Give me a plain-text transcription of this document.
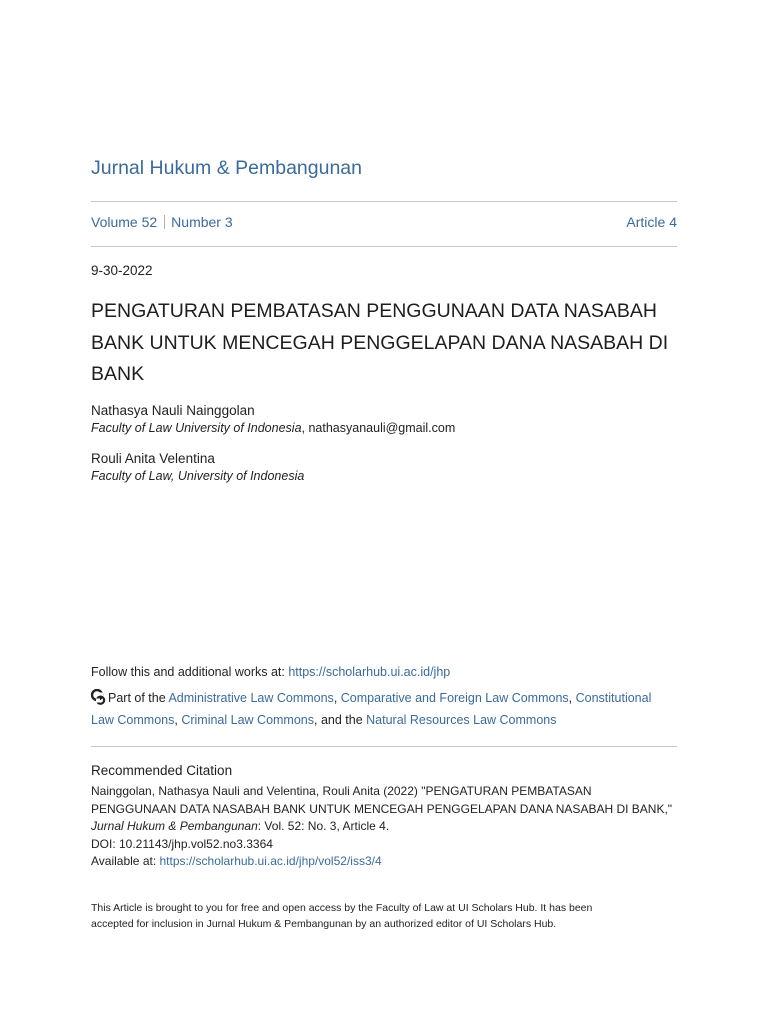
Jurnal Hukum & Pembangunan
Volume 52 Number 3	Article 4
9-30-2022
PENGATURAN PEMBATASAN PENGGUNAAN DATA NASABAH
BANK UNTUK MENCEGAH PENGGELAPAN DANA NASABAH DI
BANK
Nathasya Nauli Nainggolan
Faculty of Law University of Indonesia, nathasyanauli@gmail.com
Rouli Anita Velentina
Faculty of Law, University of Indonesia
Follow this and additional works at: https://scholarhub.ui.ac.id/jhp
Part of the Administrative Law Commons, Comparative and Foreign Law Commons, Constitutional Law Commons, Criminal Law Commons, and the Natural Resources Law Commons
Recommended Citation
Nainggolan, Nathasya Nauli and Velentina, Rouli Anita (2022) "PENGATURAN PEMBATASAN
PENGGUNAAN DATA NASABAH BANK UNTUK MENCEGAH PENGGELAPAN DANA NASABAH DI BANK,"
Jurnal Hukum & Pembangunan: Vol. 52: No. 3, Article 4.
DOI: 10.21143/jhp.vol52.no3.3364
Available at: https://scholarhub.ui.ac.id/jhp/vol52/iss3/4
This Article is brought to you for free and open access by the Faculty of Law at UI Scholars Hub. It has been
accepted for inclusion in Jurnal Hukum & Pembangunan by an authorized editor of UI Scholars Hub.
